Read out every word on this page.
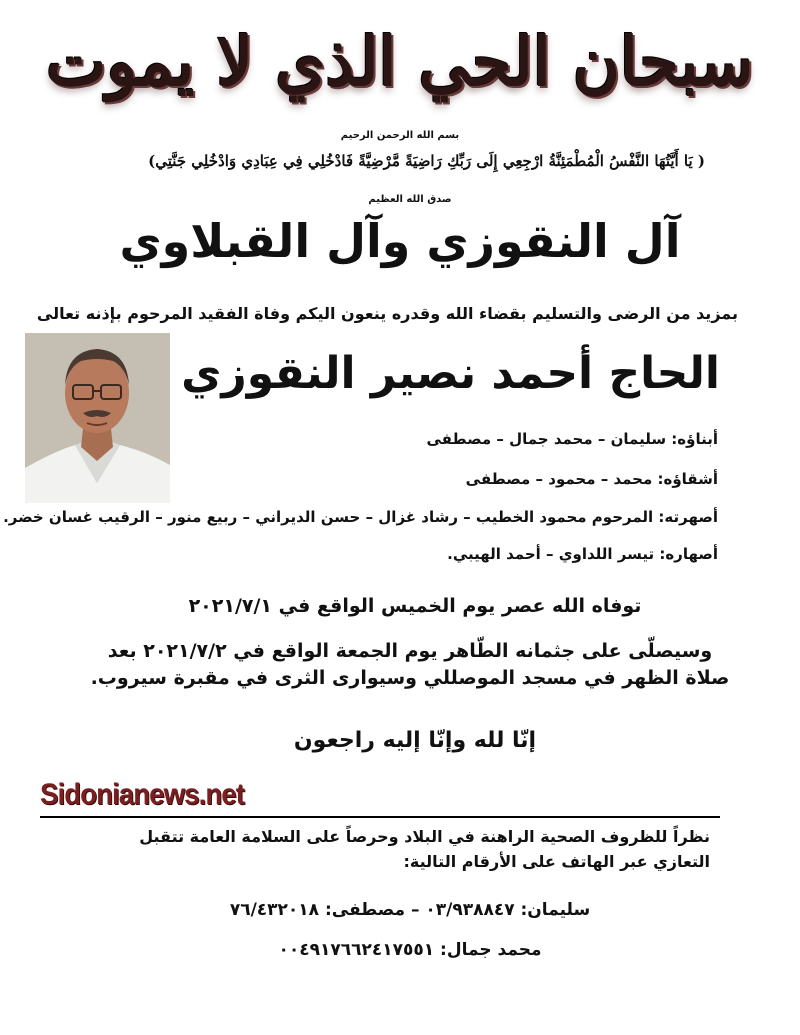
سبحان الحي الذي لا يموت
بسم الله الرحمن الرحيم
( يَا أَيَّتُهَا النَّفْسُ الْمُطْمَئِنَّةُ ارْجِعِي إِلَى رَبِّكِ رَاضِيَةً مَّرْضِيَّةً فَادْخُلِي فِي عِبَادِي وَادْخُلِي جَنَّتِي)
صدق الله العظيم
آل النقوزي وآل القبلاوي
بمزيد من الرضى والتسليم بقضاء الله وقدره ينعون اليكم وفاة الفقيد المرحوم بإذنه تعالى
الحاج أحمد نصير النقوزي
أبناؤه: سليمان – محمد جمال – مصطفى
أشقاؤه: محمد – محمود – مصطفى
أصهرته: المرحوم محمود الخطيب – رشاد غزال – حسن الديراني – ربيع منور – الرقيب غسان خضر.
أصهاره: تيسر اللداوي – أحمد الهيبي.
توفاه الله عصر يوم الخميس الواقع في ٢٠٢١/٧/١
وسيصلّى على جثمانه الطّاهر يوم الجمعة الواقع في ٢٠٢١/٧/٢ بعد صلاة الظهر في مسجد الموصللي وسيوارى الثرى في مقبرة سيروب.
إنّا لله وإنّا إليه راجعون
Sidonianews.net
نظراً للظروف الصحية الراهنة في البلاد وحرصاً على السلامة العامة تتقبل التعازي عبر الهاتف على الأرقام التالية:
سليمان: ٠٣/٩٣٨٨٤٧ – مصطفى: ٧٦/٤٣٢٠١٨
محمد جمال: ٠٠٤٩١٧٦٦٢٤١٧٥٥١
